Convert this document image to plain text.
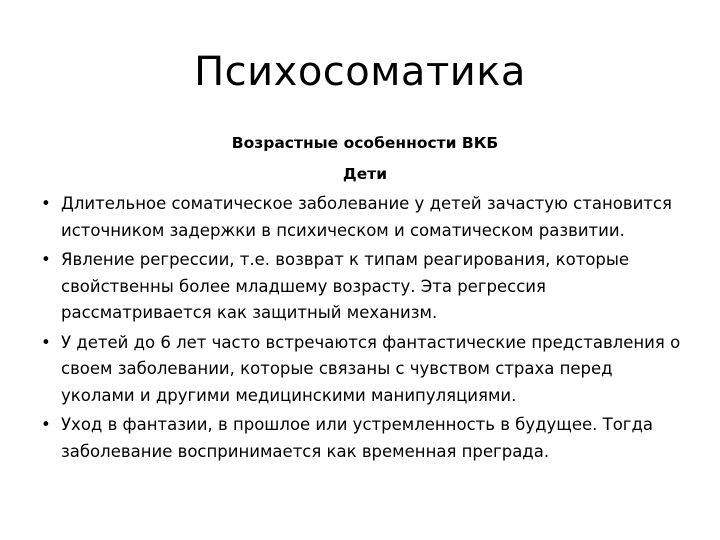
Психосоматика

Возрастные особенности ВКБ

Дети

• Длительное соматическое заболевание у детей зачастую становится источником задержки в психическом и соматическом развитии.
• Явление регрессии, т.е. возврат к типам реагирования, которые свойственны более младшему возрасту. Эта регрессия рассматривается как защитный механизм.
• У детей до 6 лет часто встречаются фантастические представления о своем заболевании, которые связаны с чувством страха перед уколами и другими медицинскими манипуляциями.
• Уход в фантазии, в прошлое или устремленность в будущее. Тогда заболевание воспринимается как временная преграда.
